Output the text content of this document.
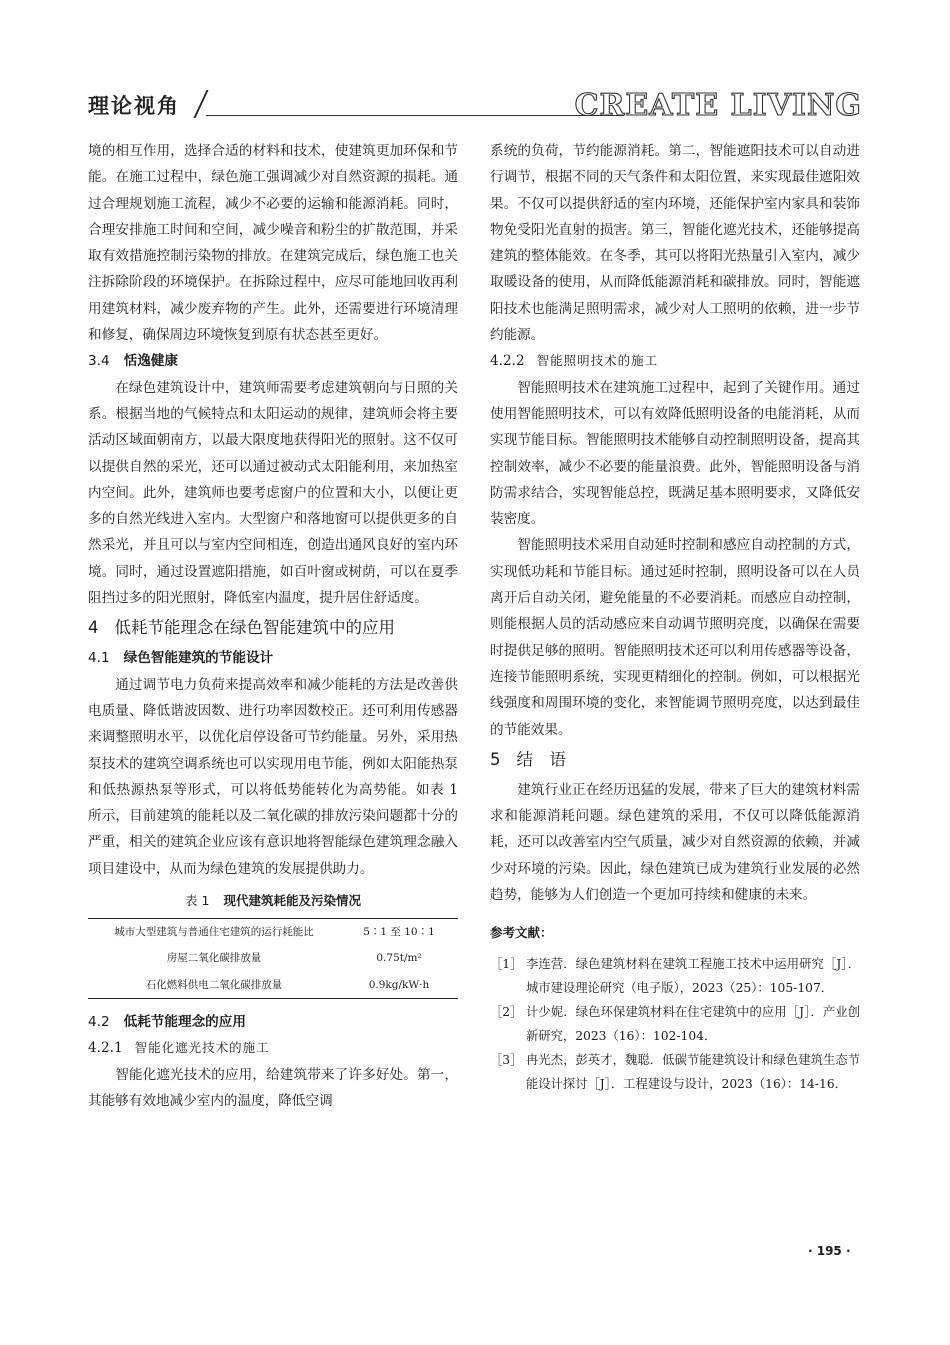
理论视角	CREATE LIVING

境的相互作用，选择合适的材料和技术，使建筑更加环保和节能。在施工过程中，绿色施工强调减少对自然资源的损耗。通过合理规划施工流程，减少不必要的运输和能源消耗。同时，合理安排施工时间和空间，减少噪音和粉尘的扩散范围，并采取有效措施控制污染物的排放。在建筑完成后，绿色施工也关注拆除阶段的环境保护。在拆除过程中，应尽可能地回收再利用建筑材料，减少废弃物的产生。此外，还需要进行环境清理和修复，确保周边环境恢复到原有状态甚至更好。

3.4 恬逸健康

在绿色建筑设计中，建筑师需要考虑建筑朝向与日照的关系。根据当地的气候特点和太阳运动的规律，建筑师会将主要活动区域面朝南方，以最大限度地获得阳光的照射。这不仅可以提供自然的采光，还可以通过被动式太阳能利用，来加热室内空间。此外，建筑师也要考虑窗户的位置和大小，以便让更多的自然光线进入室内。大型窗户和落地窗可以提供更多的自然采光，并且可以与室内空间相连，创造出通风良好的室内环境。同时，通过设置遮阳措施，如百叶窗或树荫，可以在夏季阻挡过多的阳光照射，降低室内温度，提升居住舒适度。

4 低耗节能理念在绿色智能建筑中的应用
4.1 绿色智能建筑的节能设计

通过调节电力负荷来提高效率和减少能耗的方法是改善供电质量、降低谐波因数、进行功率因数校正。还可利用传感器来调整照明水平，以优化启停设备可节约能量。另外，采用热泵技术的建筑空调系统也可以实现用电节能，例如太阳能热泵和低热源热泵等形式，可以将低势能转化为高势能。如表 1 所示，目前建筑的能耗以及二氧化碳的排放污染问题都十分的严重，相关的建筑企业应该有意识地将智能绿色建筑理念融入项目建设中，从而为绿色建筑的发展提供助力。

表 1 现代建筑耗能及污染情况
城市大型建筑与普通住宅建筑的运行耗能比	5∶1 至 10∶1
房屋二氧化碳排放量	0.75t/m²
石化燃料供电二氧化碳排放量	0.9kg/kW·h
4.2 低耗节能理念的应用
4.2.1 智能化遮光技术的施工

智能化遮光技术的应用，给建筑带来了许多好处。第一，其能够有效地减少室内的温度，降低空调

系统的负荷，节约能源消耗。第二，智能遮阳技术可以自动进行调节，根据不同的天气条件和太阳位置，来实现最佳遮阳效果。不仅可以提供舒适的室内环境，还能保护室内家具和装饰物免受阳光直射的损害。第三，智能化遮光技术，还能够提高建筑的整体能效。在冬季，其可以将阳光热量引入室内，减少取暖设备的使用，从而降低能源消耗和碳排放。同时，智能遮阳技术也能满足照明需求，减少对人工照明的依赖，进一步节约能源。

4.2.2 智能照明技术的施工

智能照明技术在建筑施工过程中，起到了关键作用。通过使用智能照明技术，可以有效降低照明设备的电能消耗，从而实现节能目标。智能照明技术能够自动控制照明设备，提高其控制效率，减少不必要的能量浪费。此外，智能照明设备与消防需求结合，实现智能总控，既满足基本照明要求，又降低安装密度。

智能照明技术采用自动延时控制和感应自动控制的方式，实现低功耗和节能目标。通过延时控制，照明设备可以在人员离开后自动关闭，避免能量的不必要消耗。而感应自动控制，则能根据人员的活动感应来自动调节照明亮度，以确保在需要时提供足够的照明。智能照明技术还可以利用传感器等设备，连接节能照明系统，实现更精细化的控制。例如，可以根据光线强度和周围环境的变化，来智能调节照明亮度，以达到最佳的节能效果。

5 结　语

建筑行业正在经历迅猛的发展，带来了巨大的建筑材料需求和能源消耗问题。绿色建筑的采用，不仅可以降低能源消耗，还可以改善室内空气质量，减少对自然资源的依赖，并减少对环境的污染。因此，绿色建筑已成为建筑行业发展的必然趋势，能够为人们创造一个更加可持续和健康的未来。

参考文献：
［1］ 李连营．绿色建筑材料在建筑工程施工技术中运用研究［J］．城市建设理论研究（电子版），2023（25）：105-107．
［2］ 计少妮．绿色环保建筑材料在住宅建筑中的应用［J］．产业创新研究，2023（16）：102-104．
［3］ 冉光杰，彭英才，魏聪．低碳节能建筑设计和绿色建筑生态节能设计探讨［J］．工程建设与设计，2023（16）：14-16．
· 195 ·
